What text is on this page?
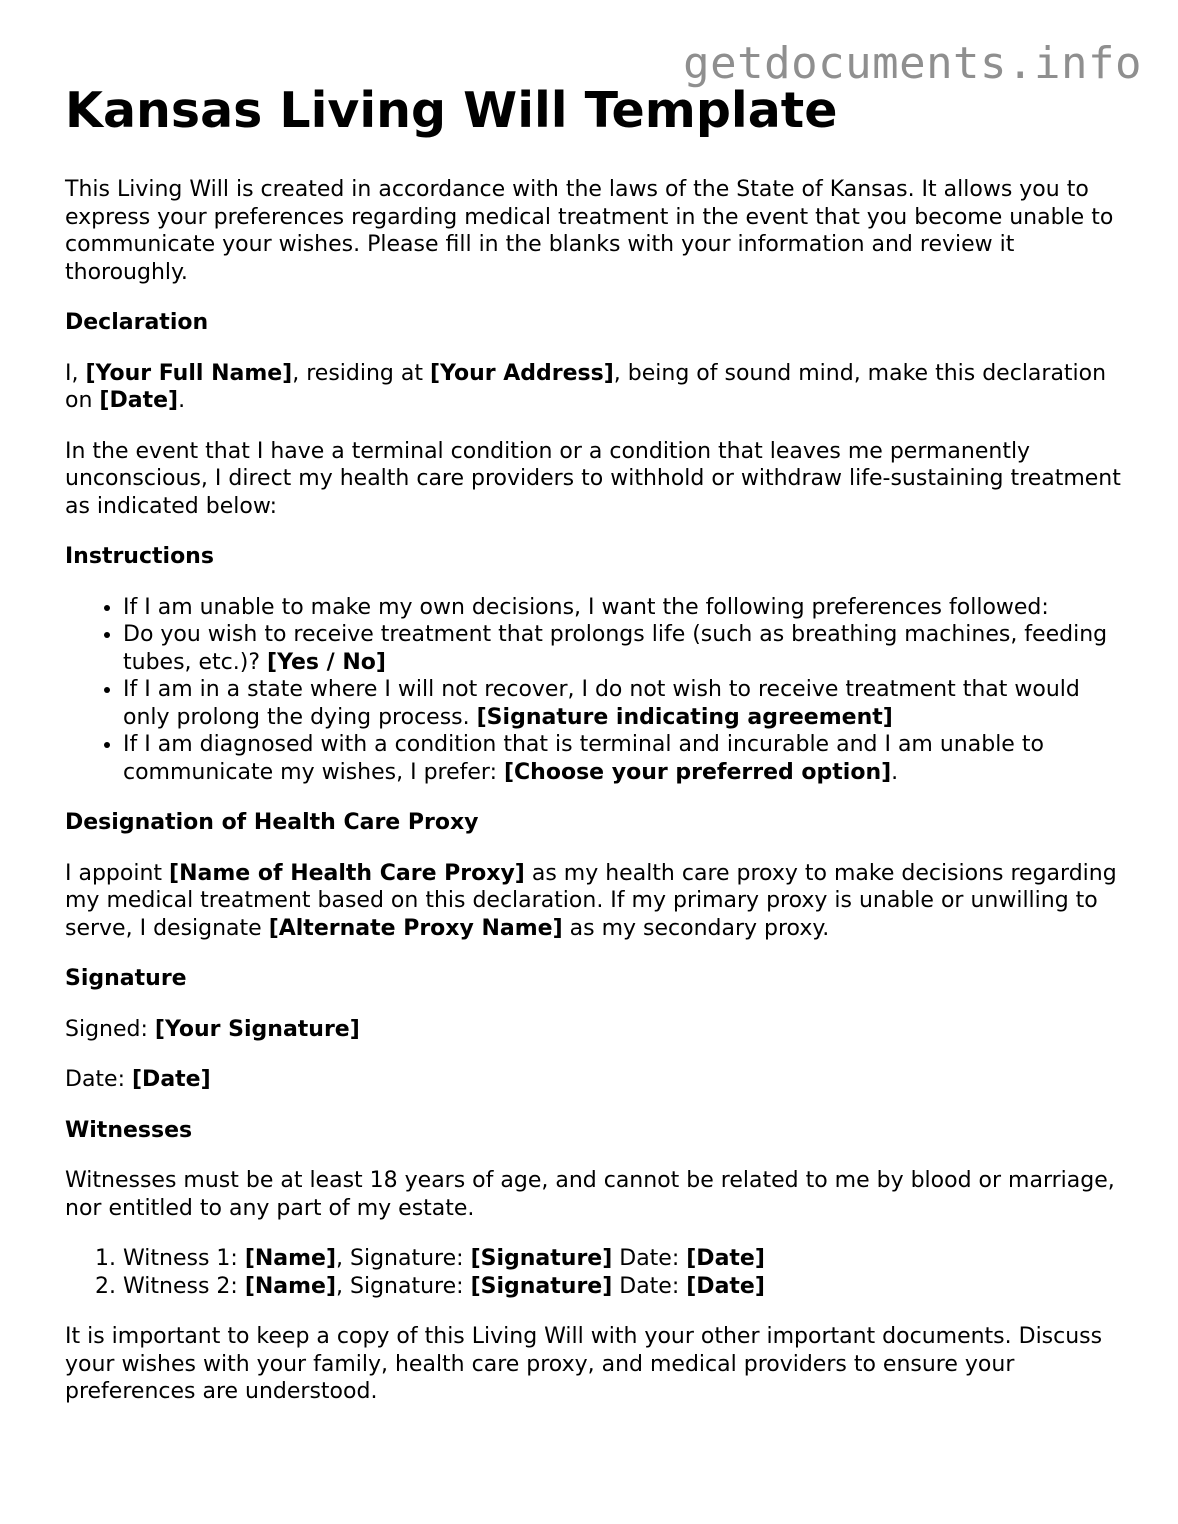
getdocuments.info
Kansas Living Will Template

This Living Will is created in accordance with the laws of the State of Kansas. It allows you to express your preferences regarding medical treatment in the event that you become unable to communicate your wishes. Please fill in the blanks with your information and review it thoroughly.

Declaration

I, [Your Full Name], residing at [Your Address], being of sound mind, make this declaration on [Date].

In the event that I have a terminal condition or a condition that leaves me permanently unconscious, I direct my health care providers to withhold or withdraw life-sustaining treatment as indicated below:

Instructions
• If I am unable to make my own decisions, I want the following preferences followed:
• Do you wish to receive treatment that prolongs life (such as breathing machines, feeding tubes, etc.)? [Yes / No]
• If I am in a state where I will not recover, I do not wish to receive treatment that would only prolong the dying process. [Signature indicating agreement]
• If I am diagnosed with a condition that is terminal and incurable and I am unable to communicate my wishes, I prefer: [Choose your preferred option].
Designation of Health Care Proxy

I appoint [Name of Health Care Proxy] as my health care proxy to make decisions regarding my medical treatment based on this declaration. If my primary proxy is unable or unwilling to serve, I designate [Alternate Proxy Name] as my secondary proxy.

Signature

Signed: [Your Signature]

Date: [Date]

Witnesses

Witnesses must be at least 18 years of age, and cannot be related to me by blood or marriage, nor entitled to any part of my estate.

1. Witness 1: [Name], Signature: [Signature] Date: [Date]
2. Witness 2: [Name], Signature: [Signature] Date: [Date]

It is important to keep a copy of this Living Will with your other important documents. Discuss your wishes with your family, health care proxy, and medical providers to ensure your preferences are understood.
